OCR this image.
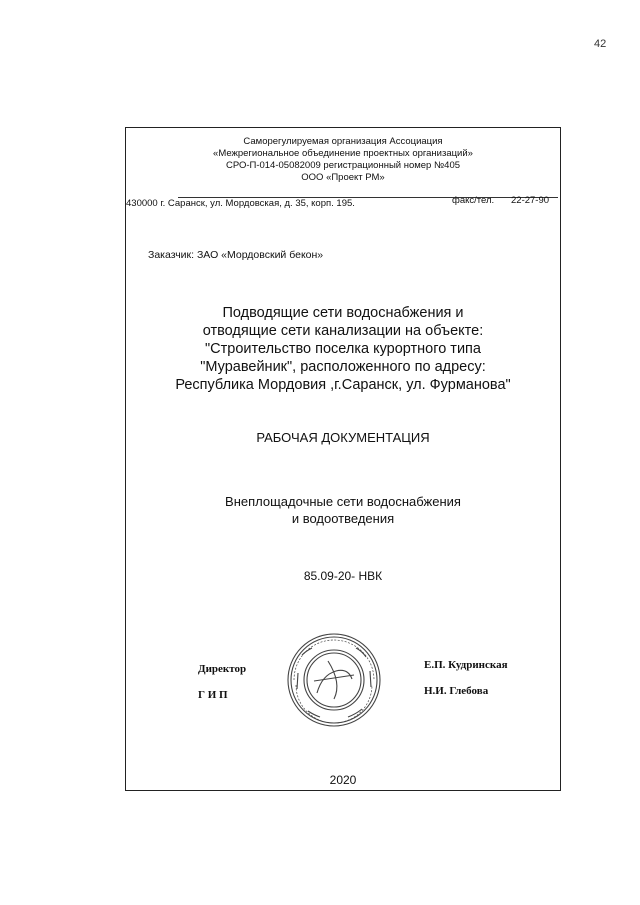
42
Саморегулируемая организация Ассоциация
«Межрегиональное объединение проектных организаций»
СРО-П-014-05082009 регистрационный номер №405
ООО «Проект РМ»
430000 г. Саранск, ул. Мордовская, д. 35, корп. 195.	факс/тел. 22-27-90
Заказчик: ЗАО «Мордовский бекон»
Подводящие сети водоснабжения и
отводящие сети канализации на объекте:
"Строительство поселка курортного типа
"Муравейник", расположенного по адресу:
Республика Мордовия ,г.Саранск, ул. Фурманова"
РАБОЧАЯ ДОКУМЕНТАЦИЯ
Внеплощадочные сети водоснабжения
и водоотведения
85.09-20- НВК
Директор	Е.П. Кудринская
Г И П	Н.И. Глебова
2020
